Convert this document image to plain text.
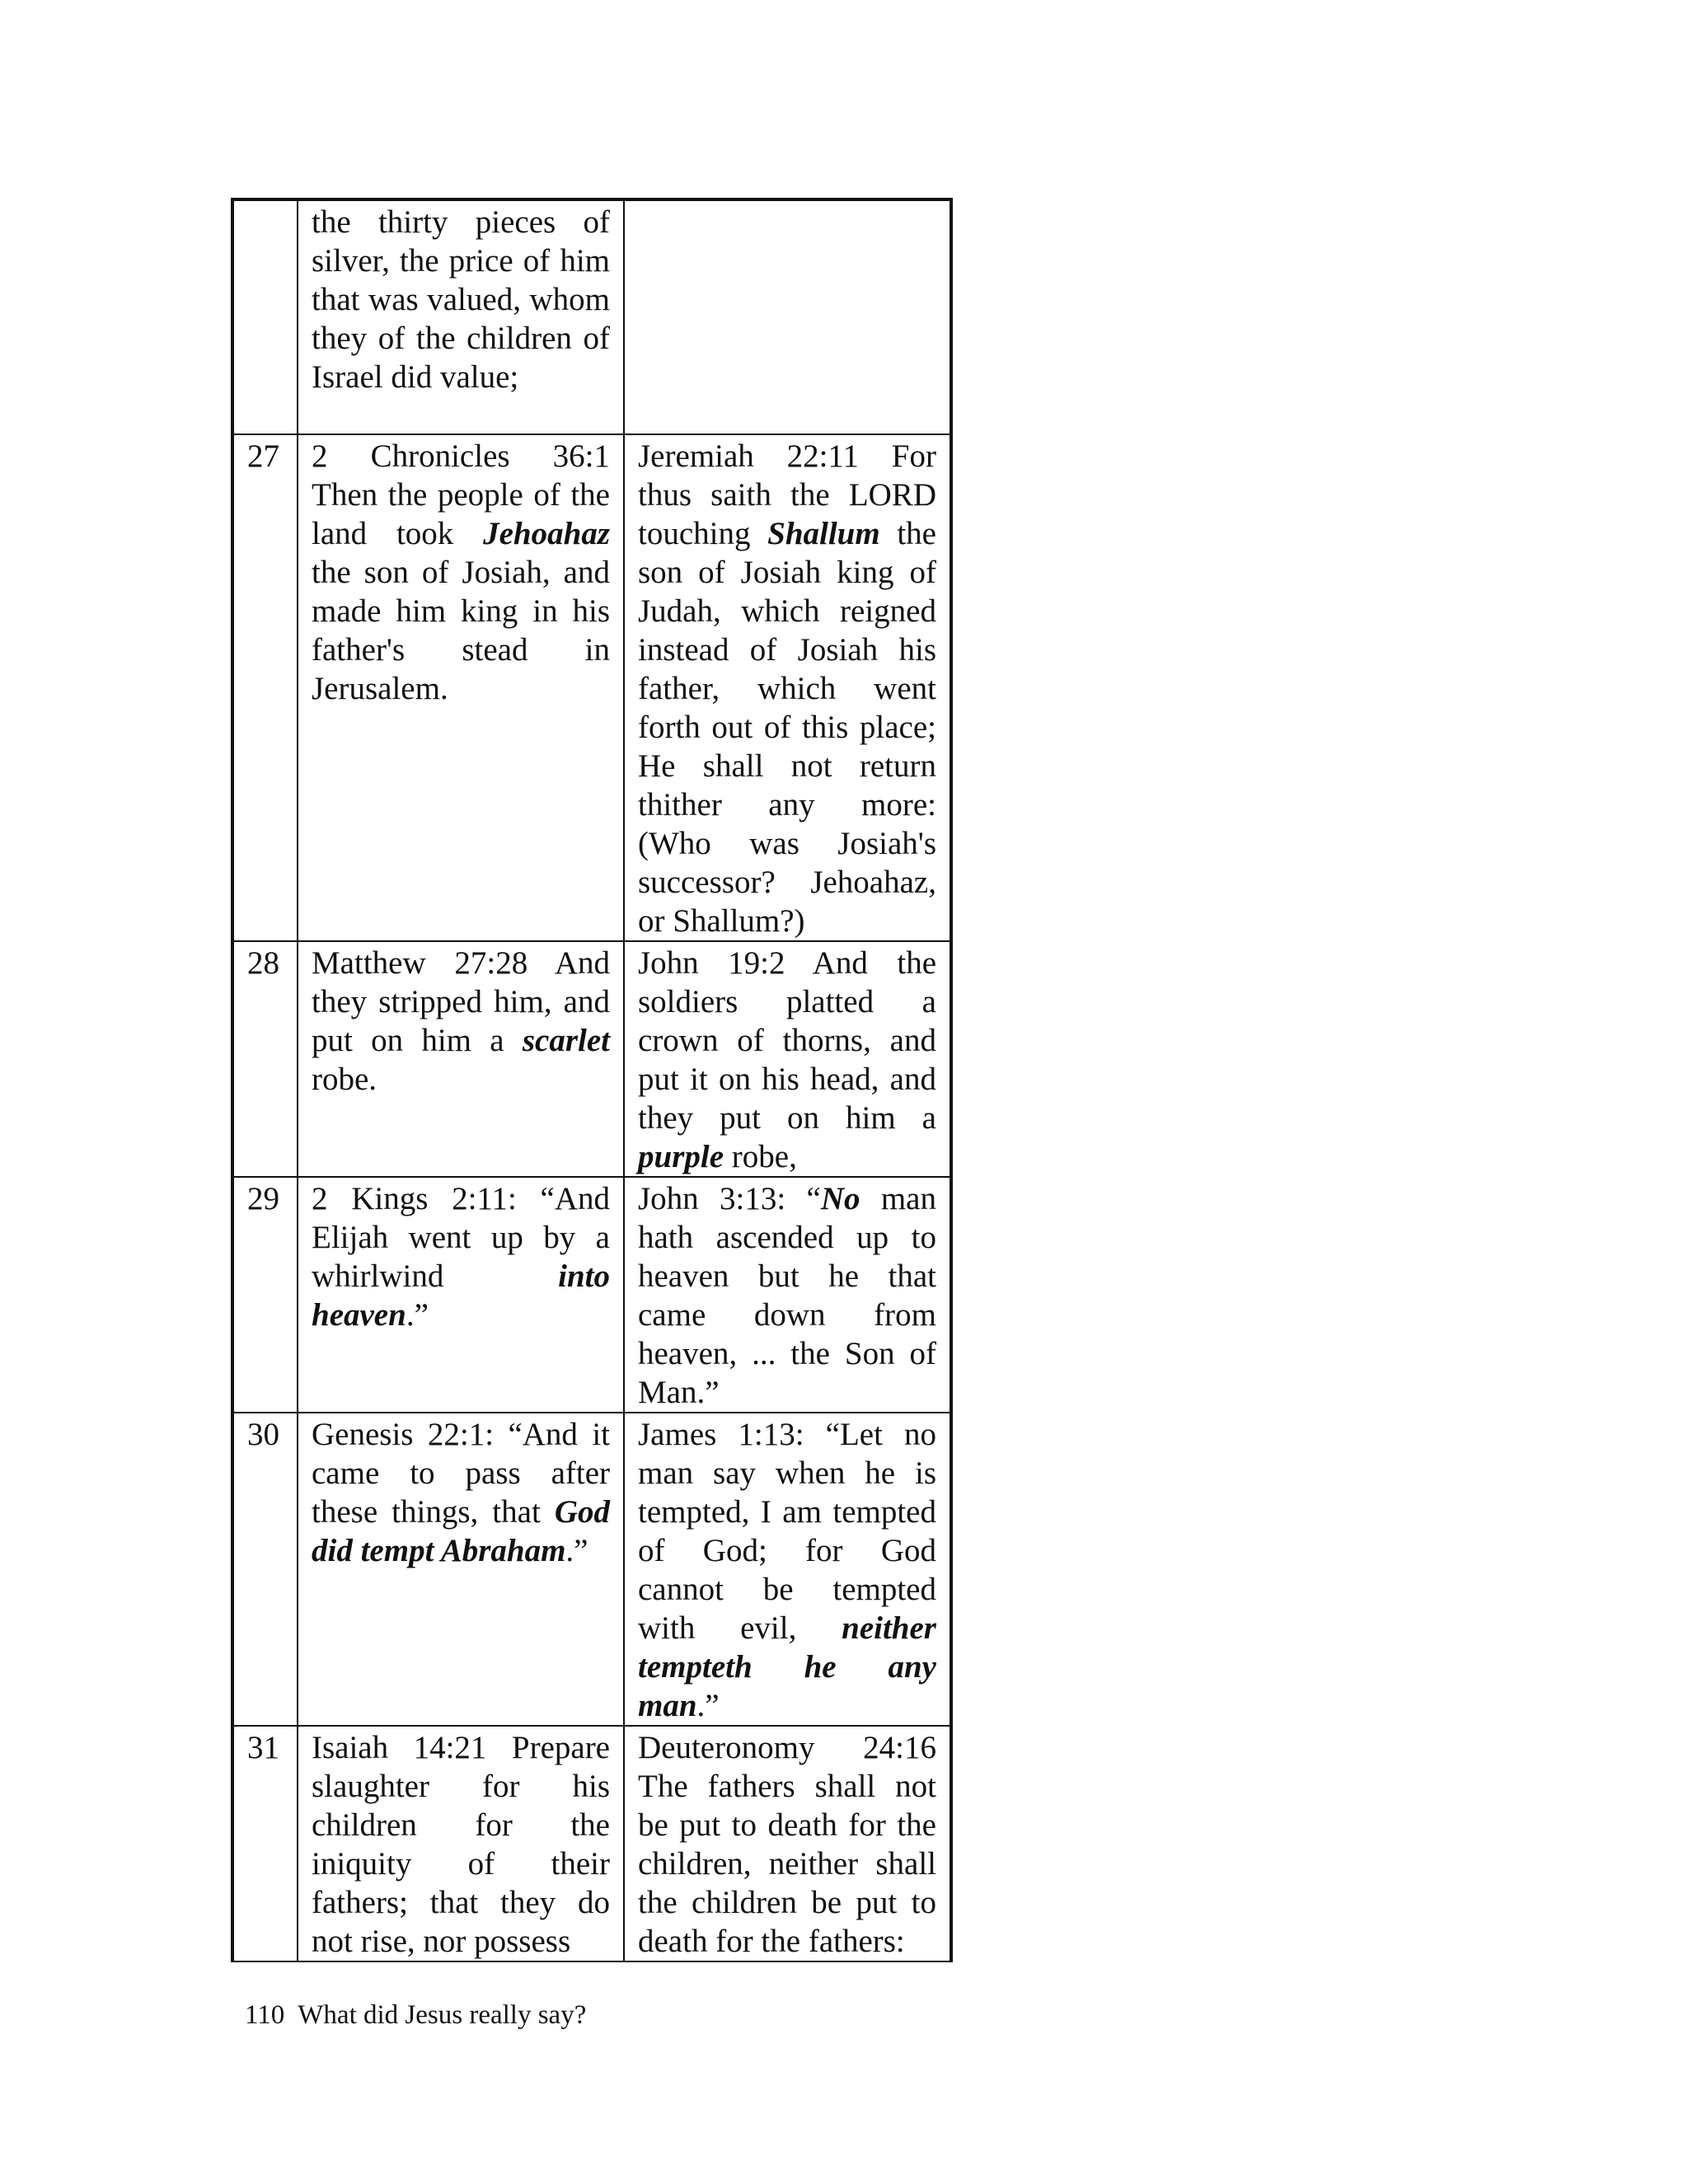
	the thirty pieces of silver, the price of him that was valued, whom they of the children of Israel did value;	
27	2 Chronicles 36:1 Then the people of the land took Jehoahaz the son of Josiah, and made him king in his father's stead in Jerusalem.	Jeremiah 22:11 For thus saith the LORD touching Shallum the son of Josiah king of Judah, which reigned instead of Josiah his father, which went forth out of this place; He shall not return thither any more: (Who was Josiah's successor? Jehoahaz, or Shallum?)
28	Matthew 27:28 And they stripped him, and put on him a scarlet robe.	John 19:2 And the soldiers platted a crown of thorns, and put it on his head, and they put on him a purple robe,
29	2 Kings 2:11: “And Elijah went up by a whirlwind into heaven.”	John 3:13: “No man hath ascended up to heaven but he that came down from heaven, ... the Son of Man.”
30	Genesis 22:1: “And it came to pass after these things, that God did tempt Abraham.”	James 1:13: “Let no man say when he is tempted, I am tempted of God; for God cannot be tempted with evil, neither tempteth he any man.”
31	Isaiah 14:21 Prepare slaughter for his children for the iniquity of their fathers; that they do not rise, nor possess	Deuteronomy 24:16 The fathers shall not be put to death for the children, neither shall the children be put to death for the fathers:
110 What did Jesus really say?
